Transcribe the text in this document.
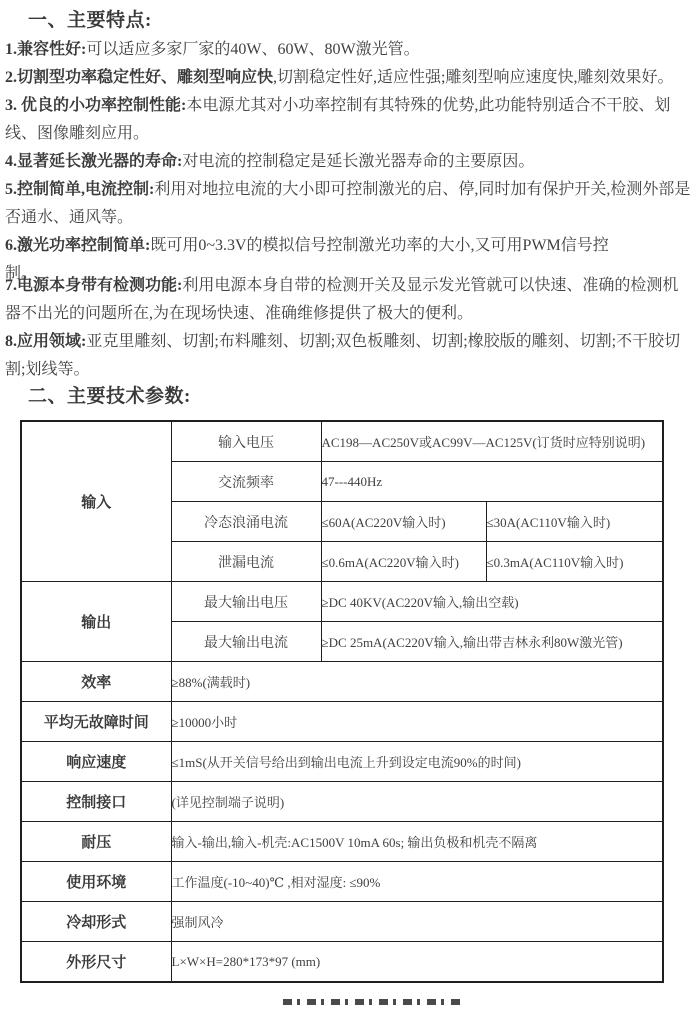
一、主要特点:

1.兼容性好:可以适应多家厂家的40W、60W、80W激光管。

2.切割型功率稳定性好、雕刻型响应快,切割稳定性好,适应性强;雕刻型响应速度快,雕刻效果好。

3. 优良的小功率控制性能:本电源尤其对小功率控制有其特殊的优势,此功能特别适合不干胶、划线、图像雕刻应用。

4.显著延长激光器的寿命:对电流的控制稳定是延长激光器寿命的主要原因。

5.控制简单,电流控制:利用对地拉电流的大小即可控制激光的启、停,同时加有保护开关,检测外部是否通水、通风等。

6.激光功率控制简单:既可用0~3.3V的模拟信号控制激光功率的大小,又可用PWM信号控制。

7.电源本身带有检测功能:利用电源本身自带的检测开关及显示发光管就可以快速、准确的检测机器不出光的问题所在,为在现场快速、准确维修提供了极大的便利。

8.应用领域:亚克里雕刻、切割;布料雕刻、切割;双色板雕刻、切割;橡胶版的雕刻、切割;不干胶切割;划线等。

二、主要技术参数:
输入	输入电压	AC198—AC250V或AC99V—AC125V(订货时应特别说明)	
	交流频率	47---440Hz	
	冷态浪涌电流	≤60A(AC220V输入时)	≤30A(AC110V输入时)
	泄漏电流	≤0.6mA(AC220V输入时)	≤0.3mA(AC110V输入时)
输出	最大输出电压	≥DC 40KV(AC220V输入,输出空载)	
	最大输出电流	≥DC 25mA(AC220V输入,输出带吉林永利80W激光管)	
效率	≥88%(满载时)		
平均无故障时间	≥10000小时		
响应速度	≤1mS(从开关信号给出到输出电流上升到设定电流90%的时间)		
控制接口	(详见控制端子说明)		
耐压	输入-输出,输入-机壳:AC1500V 10mA 60s; 输出负极和机壳不隔离		
使用环境	工作温度(-10~40)℃ ,相对湿度: ≤90%		
冷却形式	强制风冷		
外形尺寸	L×W×H=280*173*97 (mm)		
